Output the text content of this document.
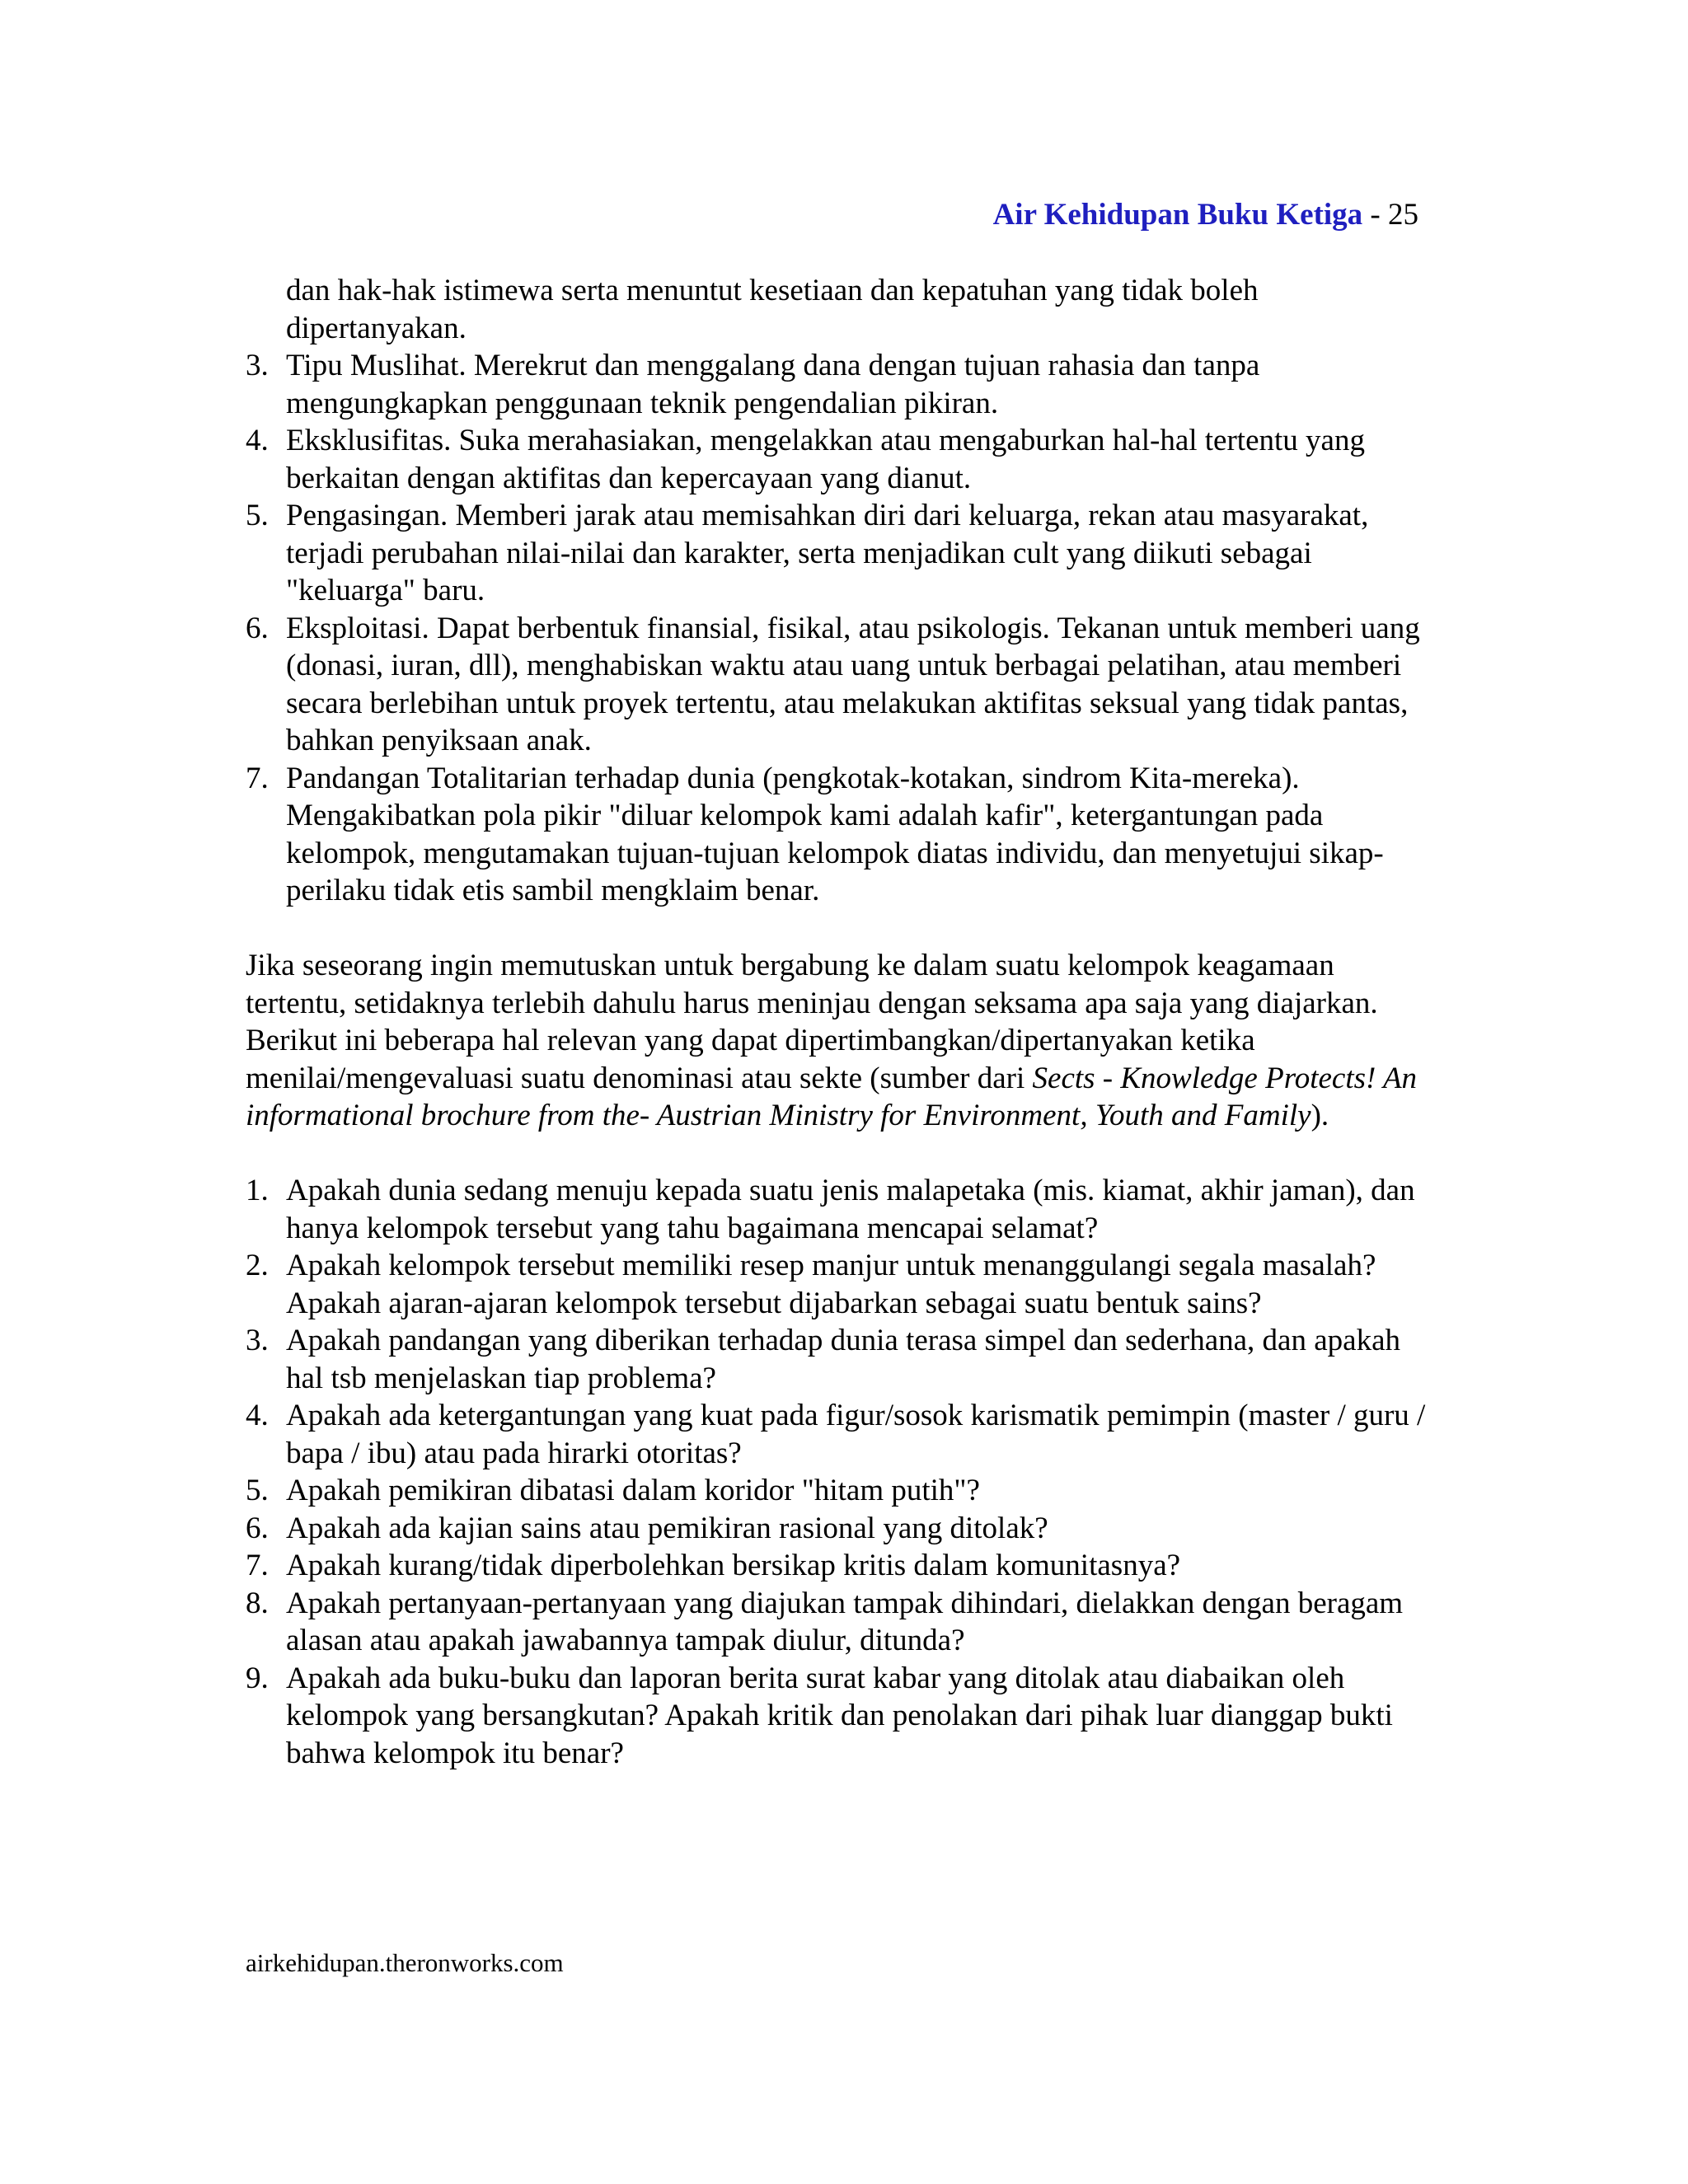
Air Kehidupan Buku Ketiga - 25
dan hak-hak istimewa serta menuntut kesetiaan dan kepatuhan yang tidak boleh dipertanyakan.
3. Tipu Muslihat. Merekrut dan menggalang dana dengan tujuan rahasia dan tanpa mengungkapkan penggunaan teknik pengendalian pikiran.
4. Eksklusifitas. Suka merahasiakan, mengelakkan atau mengaburkan hal-hal tertentu yang berkaitan dengan aktifitas dan kepercayaan yang dianut.
5. Pengasingan. Memberi jarak atau memisahkan diri dari keluarga, rekan atau masyarakat, terjadi perubahan nilai-nilai dan karakter, serta menjadikan cult yang diikuti sebagai "keluarga" baru.
6. Eksploitasi. Dapat berbentuk finansial, fisikal, atau psikologis. Tekanan untuk memberi uang (donasi, iuran, dll), menghabiskan waktu atau uang untuk berbagai pelatihan, atau memberi secara berlebihan untuk proyek tertentu, atau melakukan aktifitas seksual yang tidak pantas, bahkan penyiksaan anak.
7. Pandangan Totalitarian terhadap dunia (pengkotak-kotakan, sindrom Kita-mereka). Mengakibatkan pola pikir "diluar kelompok kami adalah kafir", ketergantungan pada kelompok, mengutamakan tujuan-tujuan kelompok diatas individu, dan menyetujui sikap-perilaku tidak etis sambil mengklaim benar.

Jika seseorang ingin memutuskan untuk bergabung ke dalam suatu kelompok keagamaan tertentu, setidaknya terlebih dahulu harus meninjau dengan seksama apa saja yang diajarkan. Berikut ini beberapa hal relevan yang dapat dipertimbangkan/dipertanyakan ketika menilai/mengevaluasi suatu denominasi atau sekte (sumber dari Sects - Knowledge Protects! An informational brochure from the- Austrian Ministry for Environment, Youth and Family).

1. Apakah dunia sedang menuju kepada suatu jenis malapetaka (mis. kiamat, akhir jaman), dan hanya kelompok tersebut yang tahu bagaimana mencapai selamat?
2. Apakah kelompok tersebut memiliki resep manjur untuk menanggulangi segala masalah? Apakah ajaran-ajaran kelompok tersebut dijabarkan sebagai suatu bentuk sains?
3. Apakah pandangan yang diberikan terhadap dunia terasa simpel dan sederhana, dan apakah hal tsb menjelaskan tiap problema?
4. Apakah ada ketergantungan yang kuat pada figur/sosok karismatik pemimpin (master / guru / bapa / ibu) atau pada hirarki otoritas?
5. Apakah pemikiran dibatasi dalam koridor "hitam putih"?
6. Apakah ada kajian sains atau pemikiran rasional yang ditolak?
7. Apakah kurang/tidak diperbolehkan bersikap kritis dalam komunitasnya?
8. Apakah pertanyaan-pertanyaan yang diajukan tampak dihindari, dielakkan dengan beragam alasan atau apakah jawabannya tampak diulur, ditunda?
9. Apakah ada buku-buku dan laporan berita surat kabar yang ditolak atau diabaikan oleh kelompok yang bersangkutan? Apakah kritik dan penolakan dari pihak luar dianggap bukti bahwa kelompok itu benar?
airkehidupan.theronworks.com
